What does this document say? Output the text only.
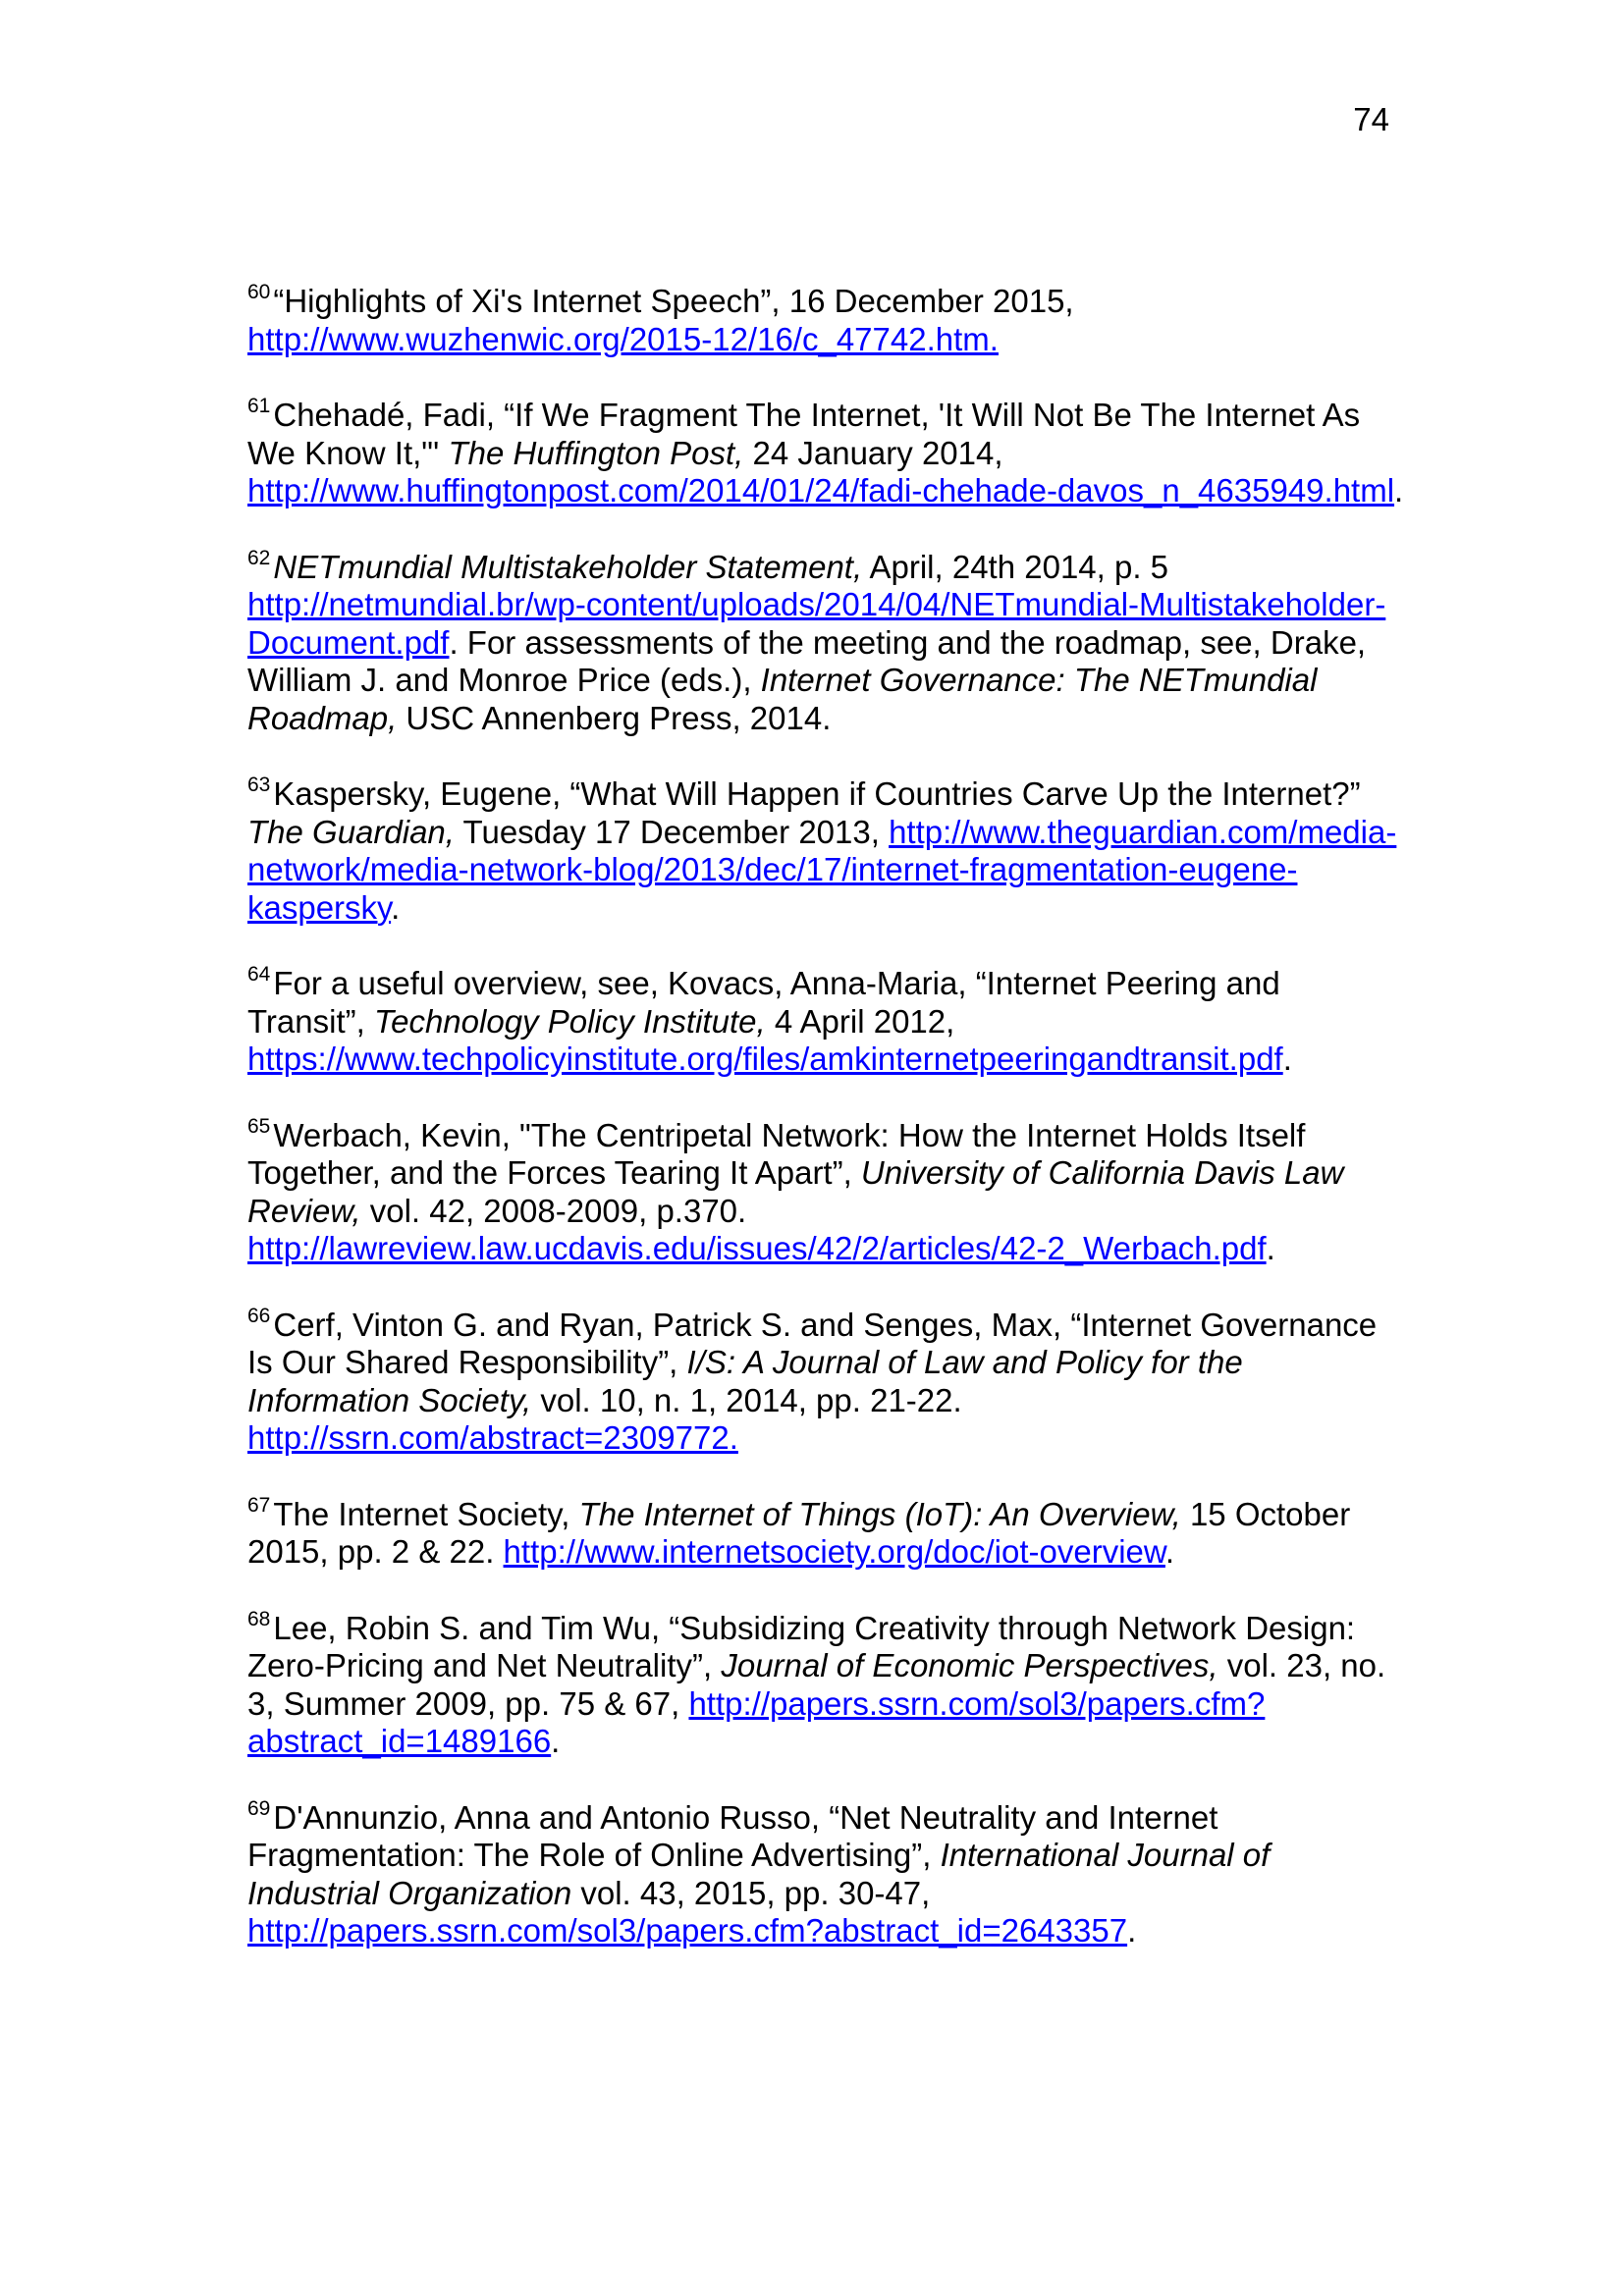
74

$^{60}$“Highlights of Xi's Internet Speech”, 16 December 2015, http://www.wuzhenwic.org/2015-12/16/c_47742.htm.

$^{61}$Chehadé, Fadi, “If We Fragment The Internet, 'It Will Not Be The Internet As We Know It,"' The Huffington Post, 24 January 2014, http://www.huffingtonpost.com/2014/01/24/fadi-chehade-davos_n_4635949.html.

$^{62}$NETmundial Multistakeholder Statement, April, 24th 2014, p. 5 http://netmundial.br/wp-content/uploads/2014/04/NETmundial-Multistakeholder-Document.pdf. For assessments of the meeting and the roadmap, see, Drake, William J. and Monroe Price (eds.), Internet Governance: The NETmundial Roadmap, USC Annenberg Press, 2014.

$^{63}$Kaspersky, Eugene, “What Will Happen if Countries Carve Up the Internet?” The Guardian, Tuesday 17 December 2013, http://www.theguardian.com/media-network/media-network-blog/2013/dec/17/internet-fragmentation-eugene-kaspersky.

$^{64}$For a useful overview, see, Kovacs, Anna-Maria, “Internet Peering and Transit”, Technology Policy Institute, 4 April 2012, https://www.techpolicyinstitute.org/files/amkinternetpeeringandtransit.pdf.

$^{65}$Werbach, Kevin, "The Centripetal Network: How the Internet Holds Itself Together, and the Forces Tearing It Apart”, University of California Davis Law Review, vol. 42, 2008-2009, p.370. http://lawreview.law.ucdavis.edu/issues/42/2/articles/42-2_Werbach.pdf.

$^{66}$Cerf, Vinton G. and Ryan, Patrick S. and Senges, Max, “Internet Governance Is Our Shared Responsibility”, I/S: A Journal of Law and Policy for the Information Society, vol. 10, n. 1, 2014, pp. 21-22. http://ssrn.com/abstract=2309772.

$^{67}$The Internet Society, The Internet of Things (IoT): An Overview, 15 October 2015, pp. 2 & 22. http://www.internetsociety.org/doc/iot-overview.

$^{68}$Lee, Robin S. and Tim Wu, “Subsidizing Creativity through Network Design: Zero-Pricing and Net Neutrality”, Journal of Economic Perspectives, vol. 23, no. 3, Summer 2009, pp. 75 & 67, http://papers.ssrn.com/sol3/papers.cfm?abstract_id=1489166.

$^{69}$D'Annunzio, Anna and Antonio Russo, “Net Neutrality and Internet Fragmentation: The Role of Online Advertising”, International Journal of Industrial Organization vol. 43, 2015, pp. 30-47, http://papers.ssrn.com/sol3/papers.cfm?abstract_id=2643357.
